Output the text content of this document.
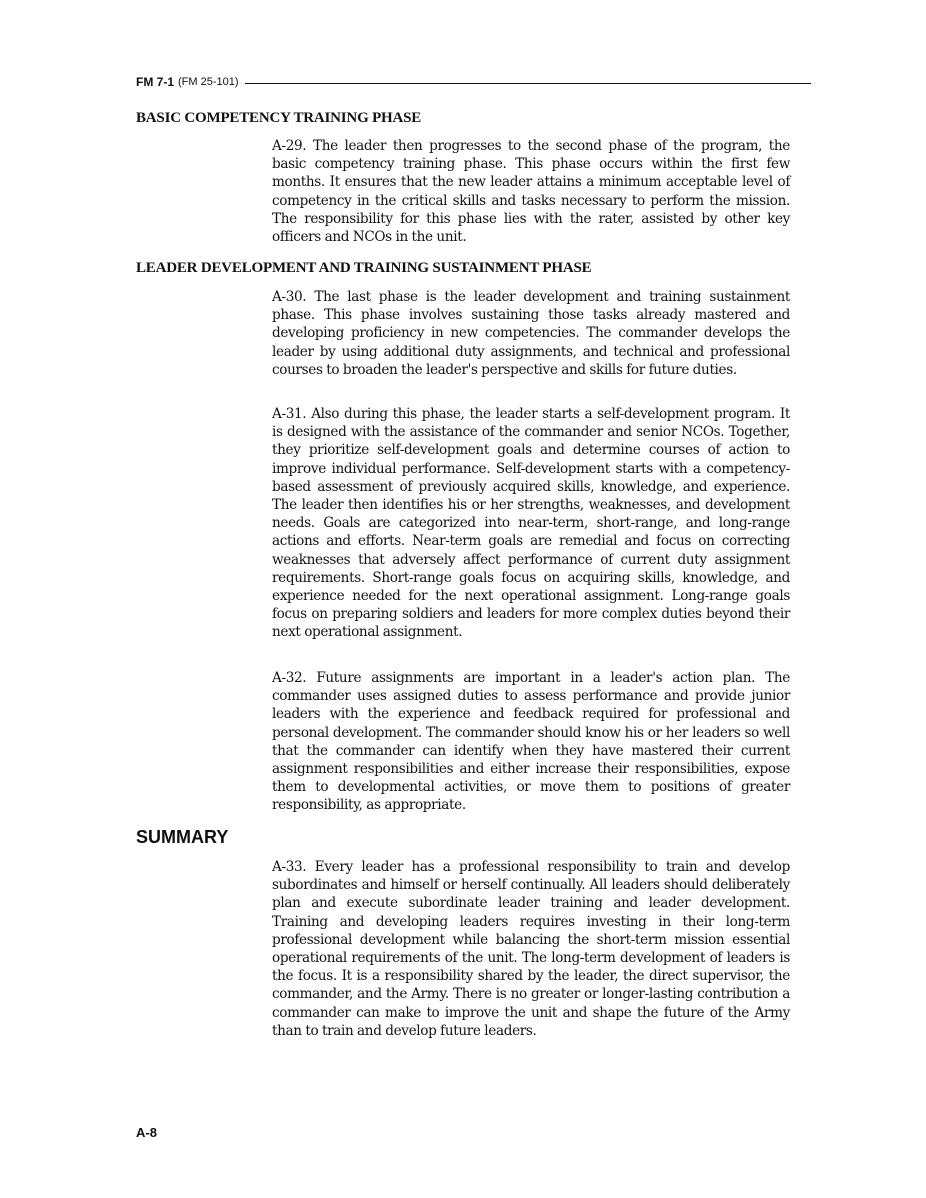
FM 7-1 (FM 25-101)
BASIC COMPETENCY TRAINING PHASE

A-29. The leader then progresses to the second phase of the program, the basic competency training phase. This phase occurs within the first few months. It ensures that the new leader attains a minimum acceptable level of competency in the critical skills and tasks necessary to perform the mission. The responsibility for this phase lies with the rater, assisted by other key officers and NCOs in the unit.

LEADER DEVELOPMENT AND TRAINING SUSTAINMENT PHASE

A-30. The last phase is the leader development and training sustainment phase. This phase involves sustaining those tasks already mastered and developing proficiency in new competencies. The commander develops the leader by using additional duty assignments, and technical and professional courses to broaden the leader's perspective and skills for future duties.

A-31. Also during this phase, the leader starts a self-development program. It is designed with the assistance of the commander and senior NCOs. Together, they prioritize self-development goals and determine courses of action to improve individual performance. Self-development starts with a competency-based assessment of previously acquired skills, knowledge, and experience. The leader then identifies his or her strengths, weaknesses, and development needs. Goals are categorized into near-term, short-range, and long-range actions and efforts. Near-term goals are remedial and focus on correcting weaknesses that adversely affect performance of current duty assignment requirements. Short-range goals focus on acquiring skills, knowledge, and experience needed for the next operational assignment. Long-range goals focus on preparing soldiers and leaders for more complex duties beyond their next operational assignment.

A-32. Future assignments are important in a leader's action plan. The commander uses assigned duties to assess performance and provide junior leaders with the experience and feedback required for professional and personal development. The commander should know his or her leaders so well that the commander can identify when they have mastered their current assignment responsibilities and either increase their responsibilities, expose them to developmental activities, or move them to positions of greater responsibility, as appropriate.

SUMMARY

A-33. Every leader has a professional responsibility to train and develop subordinates and himself or herself continually. All leaders should deliberately plan and execute subordinate leader training and leader development. Training and developing leaders requires investing in their long-term professional development while balancing the short-term mission essential operational requirements of the unit. The long-term development of leaders is the focus. It is a responsibility shared by the leader, the direct supervisor, the commander, and the Army. There is no greater or longer-lasting contribution a commander can make to improve the unit and shape the future of the Army than to train and develop future leaders.

A-8
